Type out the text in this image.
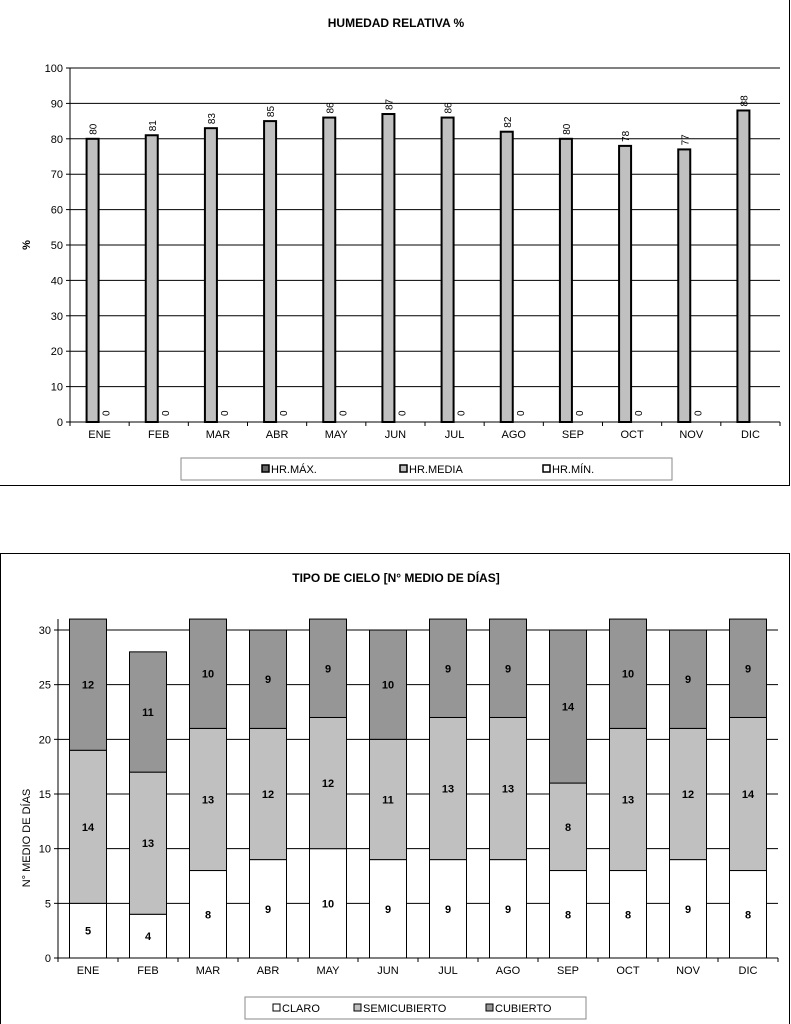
HUMEDAD RELATIVA %
%
0
10
20
30
40
50
60
70
80
90
100
ENE
80
0
FEB
81
0
MAR
83
0
ABR
85
0
MAY
86
0
JUN
87
0
JUL
86
0
AGO
82
0
SEP
80
0
OCT
78
0
NOV
77
0
DIC
88
HR.MÁX.	HR.MEDIA	HR.MÍN.
TIPO DE CIELO [N° MEDIO DE DÍAS]
N° MEDIO DE DÍAS
0
5
10
15
20
25
30
ENE
5
14
12
FEB
4
13
11
MAR
8
13
10
ABR
9
12
9
MAY
10
12
9
JUN
9
11
10
JUL
9
13
9
AGO
9
13
9
SEP
8
8
14
OCT
8
13
10
NOV
9
12
9
DIC
8
14
9
CLARO	SEMICUBIERTO	CUBIERTO
